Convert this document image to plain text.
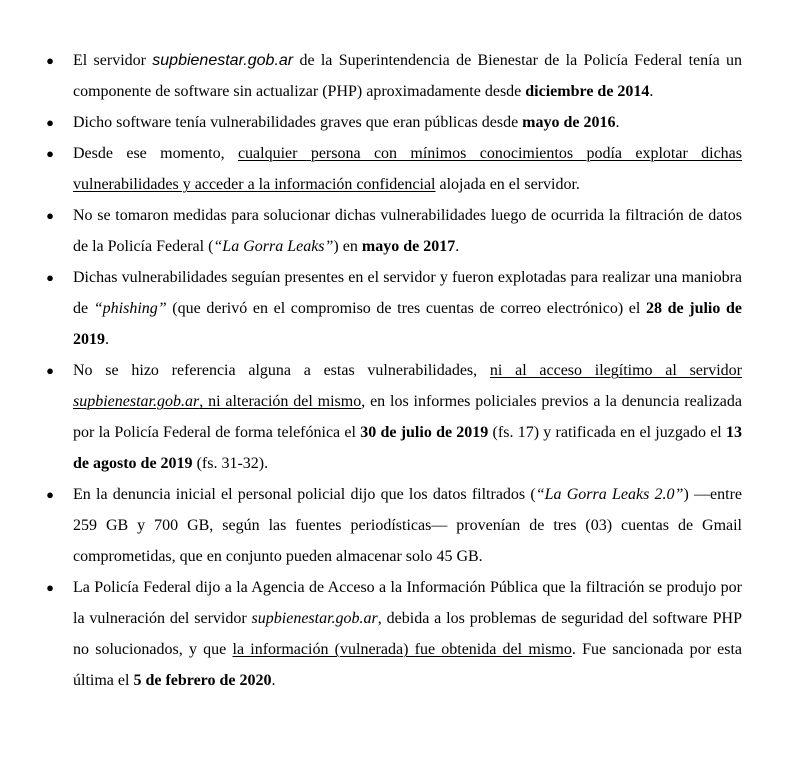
● El servidor supbienestar.gob.ar de la Superintendencia de Bienestar de la Policía Federal tenía un componente de software sin actualizar (PHP) aproximadamente desde diciembre de 2014.
● Dicho software tenía vulnerabilidades graves que eran públicas desde mayo de 2016.
● Desde ese momento, cualquier persona con mínimos conocimientos podía explotar dichas vulnerabilidades y acceder a la información confidencial alojada en el servidor.
● No se tomaron medidas para solucionar dichas vulnerabilidades luego de ocurrida la filtración de datos de la Policía Federal (“La Gorra Leaks”) en mayo de 2017.
● Dichas vulnerabilidades seguían presentes en el servidor y fueron explotadas para realizar una maniobra de “phishing” (que derivó en el compromiso de tres cuentas de correo electrónico) el 28 de julio de 2019.
● No se hizo referencia alguna a estas vulnerabilidades, ni al acceso ilegítimo al servidor supbienestar.gob.ar, ni alteración del mismo, en los informes policiales previos a la denuncia realizada por la Policía Federal de forma telefónica el 30 de julio de 2019 (fs. 17) y ratificada en el juzgado el 13 de agosto de 2019 (fs. 31-32).
● En la denuncia inicial el personal policial dijo que los datos filtrados (“La Gorra Leaks 2.0”) —entre 259 GB y 700 GB, según las fuentes periodísticas— provenían de tres (03) cuentas de Gmail comprometidas, que en conjunto pueden almacenar solo 45 GB.
● La Policía Federal dijo a la Agencia de Acceso a la Información Pública que la filtración se produjo por la vulneración del servidor supbienestar.gob.ar, debida a los problemas de seguridad del software PHP no solucionados, y que la información (vulnerada) fue obtenida del mismo. Fue sancionada por esta última el 5 de febrero de 2020.
